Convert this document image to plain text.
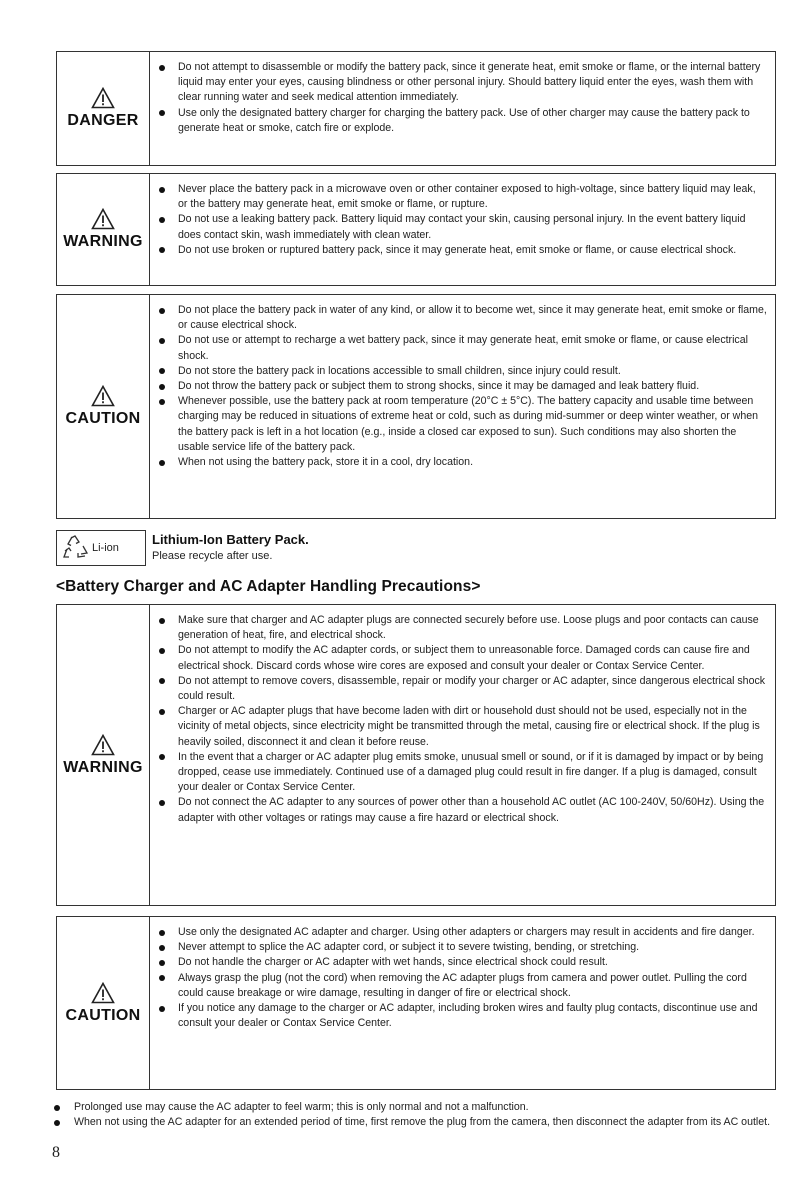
DANGER
Do not attempt to disassemble or modify the battery pack, since it generate heat, emit smoke or flame, or the internal battery liquid may enter your eyes, causing blindness or other personal injury. Should battery liquid enter the eyes, wash them with clear running water and seek medical attention immediately.
Use only the designated battery charger for charging the battery pack. Use of other charger may cause the battery pack to generate heat or smoke, catch fire or explode.
WARNING
Never place the battery pack in a microwave oven or other container exposed to high-voltage, since battery liquid may leak, or the battery may generate heat, emit smoke or flame, or rupture.
Do not use a leaking battery pack. Battery liquid may contact your skin, causing personal injury. In the event battery liquid does contact skin, wash immediately with clean water.
Do not use broken or ruptured battery pack, since it may generate heat, emit smoke or flame, or cause electrical shock.
CAUTION
Do not place the battery pack in water of any kind, or allow it to become wet, since it may generate heat, emit smoke or flame, or cause electrical shock.
Do not use or attempt to recharge a wet battery pack, since it may generate heat, emit smoke or flame, or cause electrical shock.
Do not store the battery pack in locations accessible to small children, since injury could result.
Do not throw the battery pack or subject them to strong shocks, since it may be damaged and leak battery fluid.
Whenever possible, use the battery pack at room temperature (20°C ± 5°C). The battery capacity and usable time between charging may be reduced in situations of extreme heat or cold, such as during mid-summer or deep winter weather, or when the battery pack is left in a hot location (e.g., inside a closed car exposed to sun). Such conditions may also shorten the usable service life of the battery pack.
When not using the battery pack, store it in a cool, dry location.
Li-ion
Lithium-Ion Battery Pack.
Please recycle after use.
<Battery Charger and AC Adapter Handling Precautions>
WARNING
Make sure that charger and AC adapter plugs are connected securely before use. Loose plugs and poor contacts can cause generation of heat, fire, and electrical shock.
Do not attempt to modify the AC adapter cords, or subject them to unreasonable force. Damaged cords can cause fire and electrical shock. Discard cords whose wire cores are exposed and consult your dealer or Contax Service Center.
Do not attempt to remove covers, disassemble, repair or modify your charger or AC adapter, since dangerous electrical shock could result.
Charger or AC adapter plugs that have become laden with dirt or household dust should not be used, especially not in the vicinity of metal objects, since electricity might be transmitted through the metal, causing fire or electrical shock. If the plug is heavily soiled, disconnect it and clean it before reuse.
In the event that a charger or AC adapter plug emits smoke, unusual smell or sound, or if it is damaged by impact or by being dropped, cease use immediately. Continued use of a damaged plug could result in fire danger. If a plug is damaged, consult your dealer or Contax Service Center.
Do not connect the AC adapter to any sources of power other than a household AC outlet (AC 100-240V, 50/60Hz). Using the adapter with other voltages or ratings may cause a fire hazard or electrical shock.
CAUTION
Use only the designated AC adapter and charger. Using other adapters or chargers may result in accidents and fire danger.
Never attempt to splice the AC adapter cord, or subject it to severe twisting, bending, or stretching.
Do not handle the charger or AC adapter with wet hands, since electrical shock could result.
Always grasp the plug (not the cord) when removing the AC adapter plugs from camera and power outlet. Pulling the cord could cause breakage or wire damage, resulting in danger of fire or electrical shock.
If you notice any damage to the charger or AC adapter, including broken wires and faulty plug contacts, discontinue use and consult your dealer or Contax Service Center.
Prolonged use may cause the AC adapter to feel warm; this is only normal and not a malfunction.
When not using the AC adapter for an extended period of time, first remove the plug from the camera, then disconnect the adapter from its AC outlet.
8
